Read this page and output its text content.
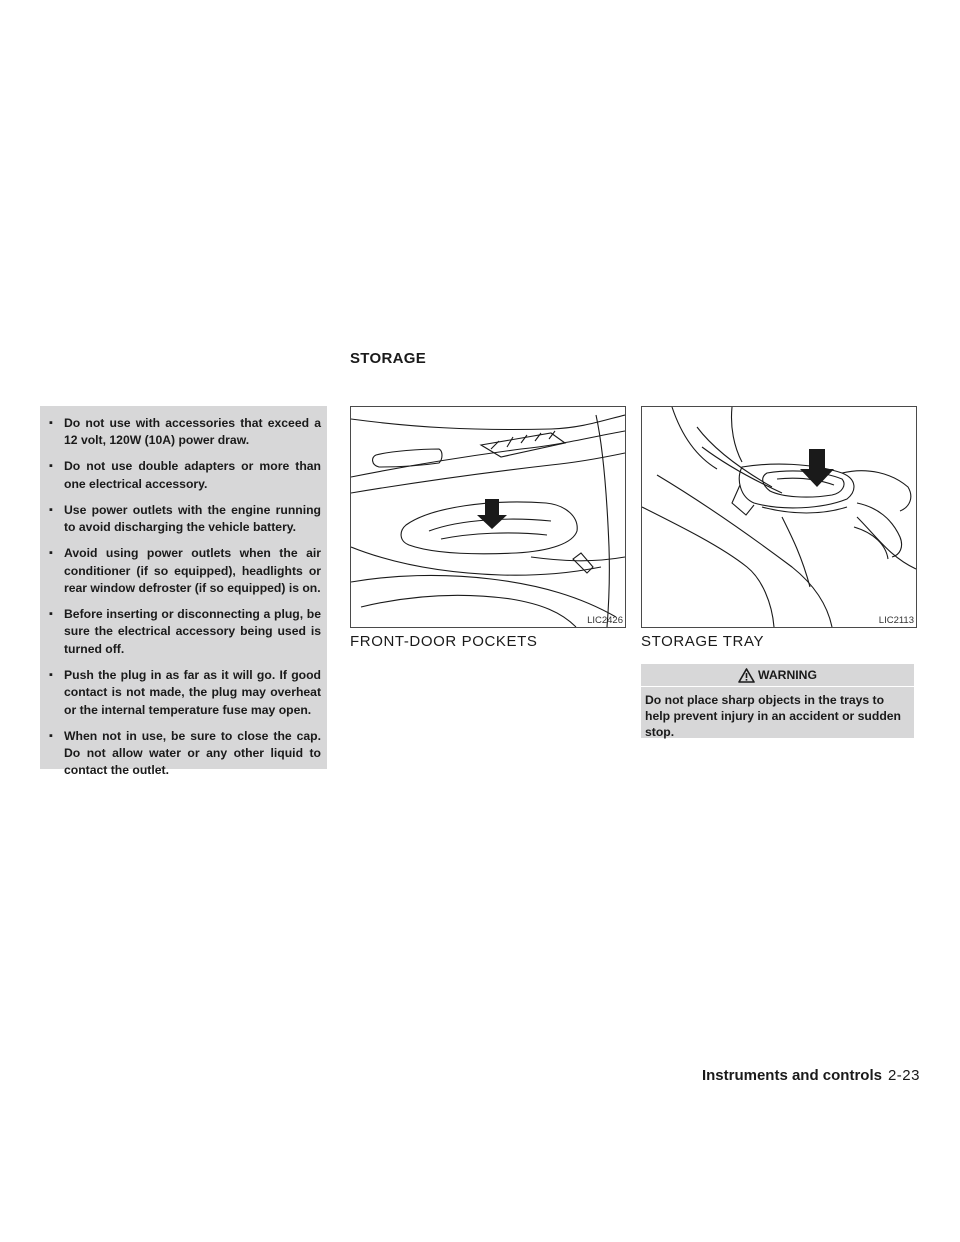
STORAGE
▪ Do not use with accessories that exceed a 12 volt, 120W (10A) power draw.
▪ Do not use double adapters or more than one electrical accessory.
▪ Use power outlets with the engine running to avoid discharging the vehicle battery.
▪ Avoid using power outlets when the air conditioner (if so equipped), headlights or rear window defroster (if so equipped) is on.
▪ Before inserting or disconnecting a plug, be sure the electrical accessory being used is turned off.
▪ Push the plug in as far as it will go. If good contact is not made, the plug may overheat or the internal temperature fuse may open.
▪ When not in use, be sure to close the cap. Do not allow water or any other liquid to contact the outlet.
LIC2426
FRONT-DOOR POCKETS
LIC2113
STORAGE TRAY
WARNING
Do not place sharp objects in the trays to help prevent injury in an accident or sudden stop.
Instruments and controls 2-23
